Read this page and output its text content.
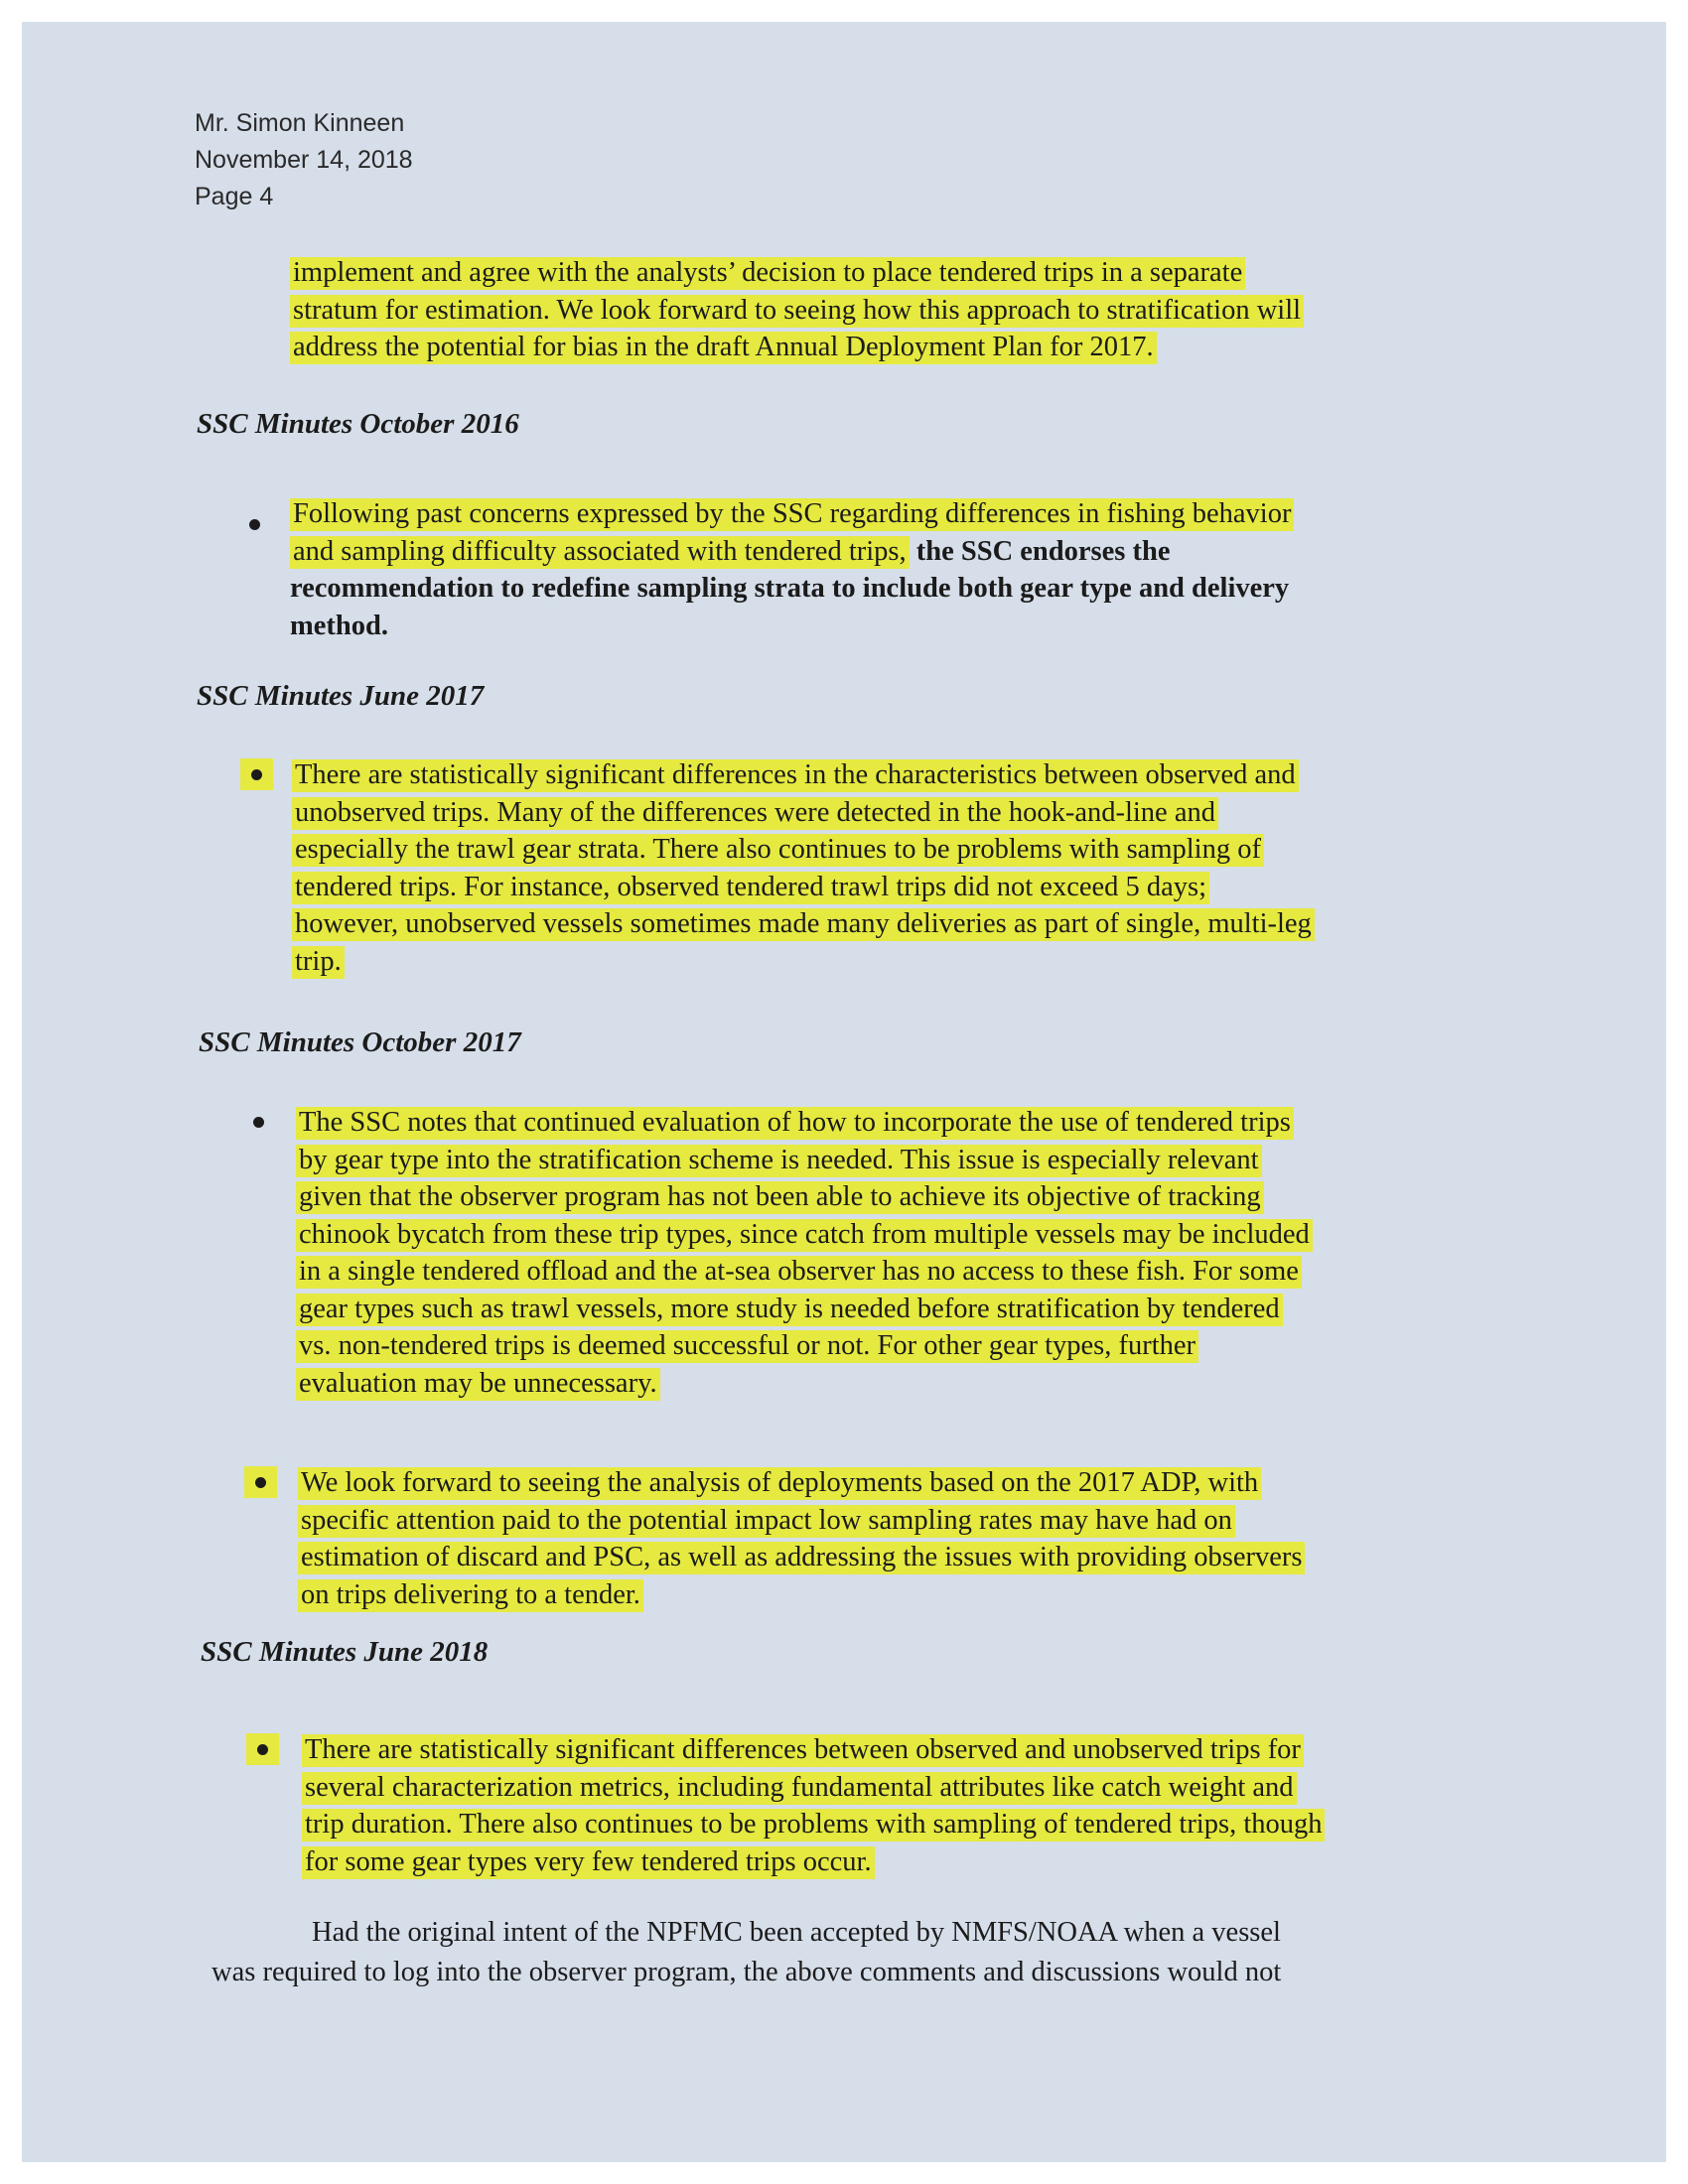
Mr. Simon Kinneen
November 14, 2018
Page 4
implement and agree with the analysts’ decision to place tendered trips in a separate
stratum for estimation. We look forward to seeing how this approach to stratification will
address the potential for bias in the draft Annual Deployment Plan for 2017.
SSC Minutes October 2016
Following past concerns expressed by the SSC regarding differences in fishing behavior
and sampling difficulty associated with tendered trips, the SSC endorses the
recommendation to redefine sampling strata to include both gear type and delivery
method.
SSC Minutes June 2017
There are statistically significant differences in the characteristics between observed and
unobserved trips. Many of the differences were detected in the hook-and-line and
especially the trawl gear strata. There also continues to be problems with sampling of
tendered trips. For instance, observed tendered trawl trips did not exceed 5 days;
however, unobserved vessels sometimes made many deliveries as part of single, multi-leg
trip.
SSC Minutes October 2017
The SSC notes that continued evaluation of how to incorporate the use of tendered trips
by gear type into the stratification scheme is needed. This issue is especially relevant
given that the observer program has not been able to achieve its objective of tracking
chinook bycatch from these trip types, since catch from multiple vessels may be included
in a single tendered offload and the at-sea observer has no access to these fish. For some
gear types such as trawl vessels, more study is needed before stratification by tendered
vs. non-tendered trips is deemed successful or not. For other gear types, further
evaluation may be unnecessary.
We look forward to seeing the analysis of deployments based on the 2017 ADP, with
specific attention paid to the potential impact low sampling rates may have had on
estimation of discard and PSC, as well as addressing the issues with providing observers
on trips delivering to a tender.
SSC Minutes June 2018
There are statistically significant differences between observed and unobserved trips for
several characterization metrics, including fundamental attributes like catch weight and
trip duration. There also continues to be problems with sampling of tendered trips, though
for some gear types very few tendered trips occur.
Had the original intent of the NPFMC been accepted by NMFS/NOAA when a vessel
was required to log into the observer program, the above comments and discussions would not
